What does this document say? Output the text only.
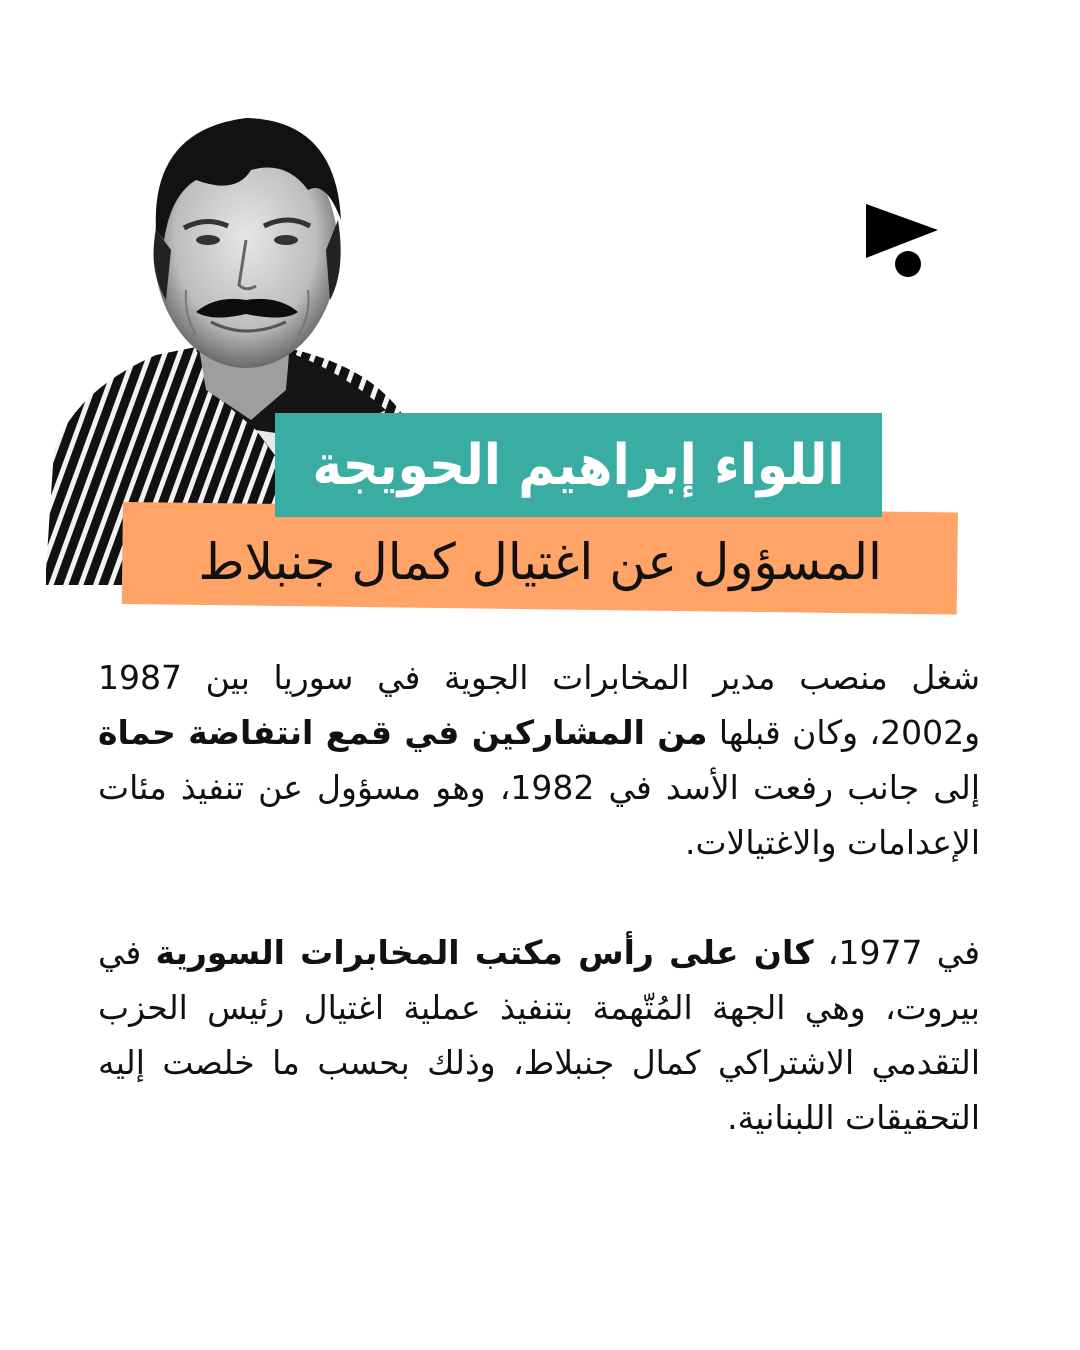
اللواء إبراهيم الحويجة
المسؤول عن اغتيال كمال جنبلاط

شغل منصب مدير المخابرات الجوية في سوريا بين 1987 و2002، وكان قبلها من المشاركين في قمع انتفاضة حماة إلى جانب رفعت الأسد في 1982، وهو مسؤول عن تنفيذ مئات الإعدامات والاغتيالات.

في 1977، كان على رأس مكتب المخابرات السورية في بيروت، وهي الجهة المُتّهمة بتنفيذ عملية اغتيال رئيس الحزب التقدمي الاشتراكي كمال جنبلاط، وذلك بحسب ما خلصت إليه التحقيقات اللبنانية.
